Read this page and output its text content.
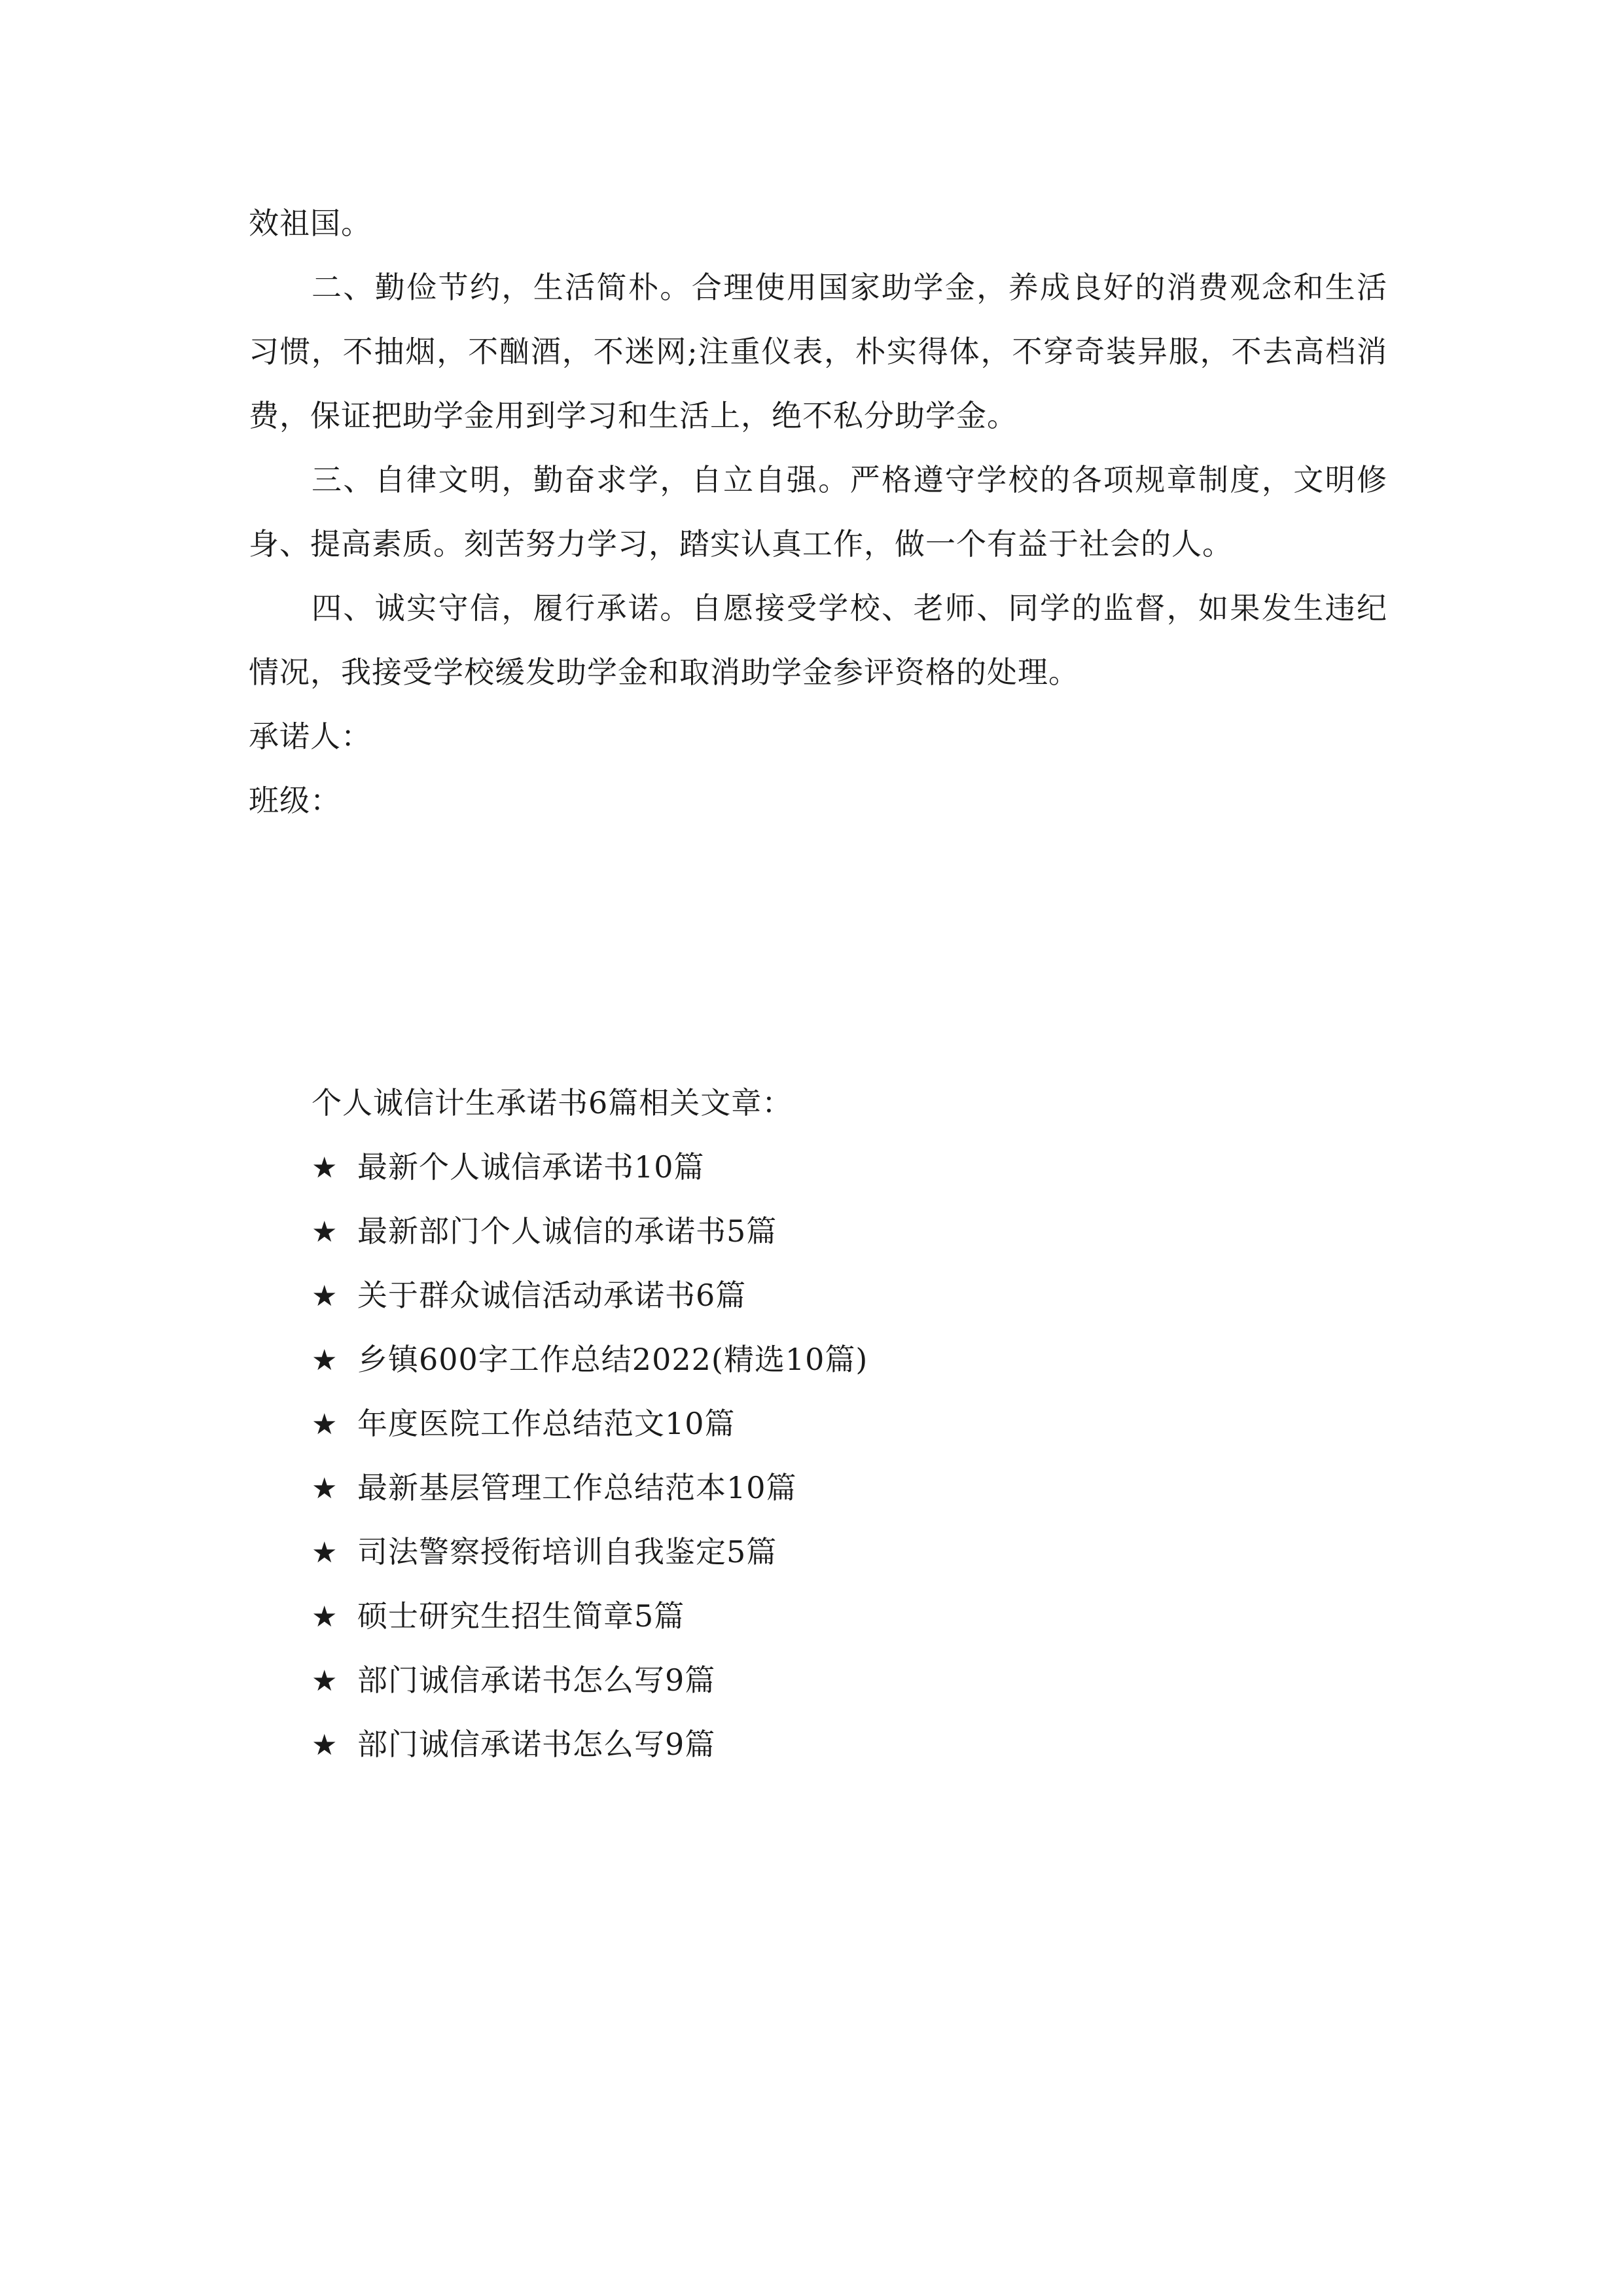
效祖国。

二、勤俭节约，生活简朴。合理使用国家助学金，养成良好的消费观念和生活习惯，不抽烟，不酗酒，不迷网;注重仪表，朴实得体，不穿奇装异服，不去高档消费，保证把助学金用到学习和生活上，绝不私分助学金。

三、自律文明，勤奋求学，自立自强。严格遵守学校的各项规章制度，文明修身、提高素质。刻苦努力学习，踏实认真工作，做一个有益于社会的人。

四、诚实守信，履行承诺。自愿接受学校、老师、同学的监督，如果发生违纪情况，我接受学校缓发助学金和取消助学金参评资格的处理。

承诺人：

班级：

个人诚信计生承诺书6篇相关文章：

★ 最新个人诚信承诺书10篇
★ 最新部门个人诚信的承诺书5篇
★ 关于群众诚信活动承诺书6篇
★ 乡镇600字工作总结2022(精选10篇)
★ 年度医院工作总结范文10篇
★ 最新基层管理工作总结范本10篇
★ 司法警察授衔培训自我鉴定5篇
★ 硕士研究生招生简章5篇
★ 部门诚信承诺书怎么写9篇
★ 部门诚信承诺书怎么写9篇
